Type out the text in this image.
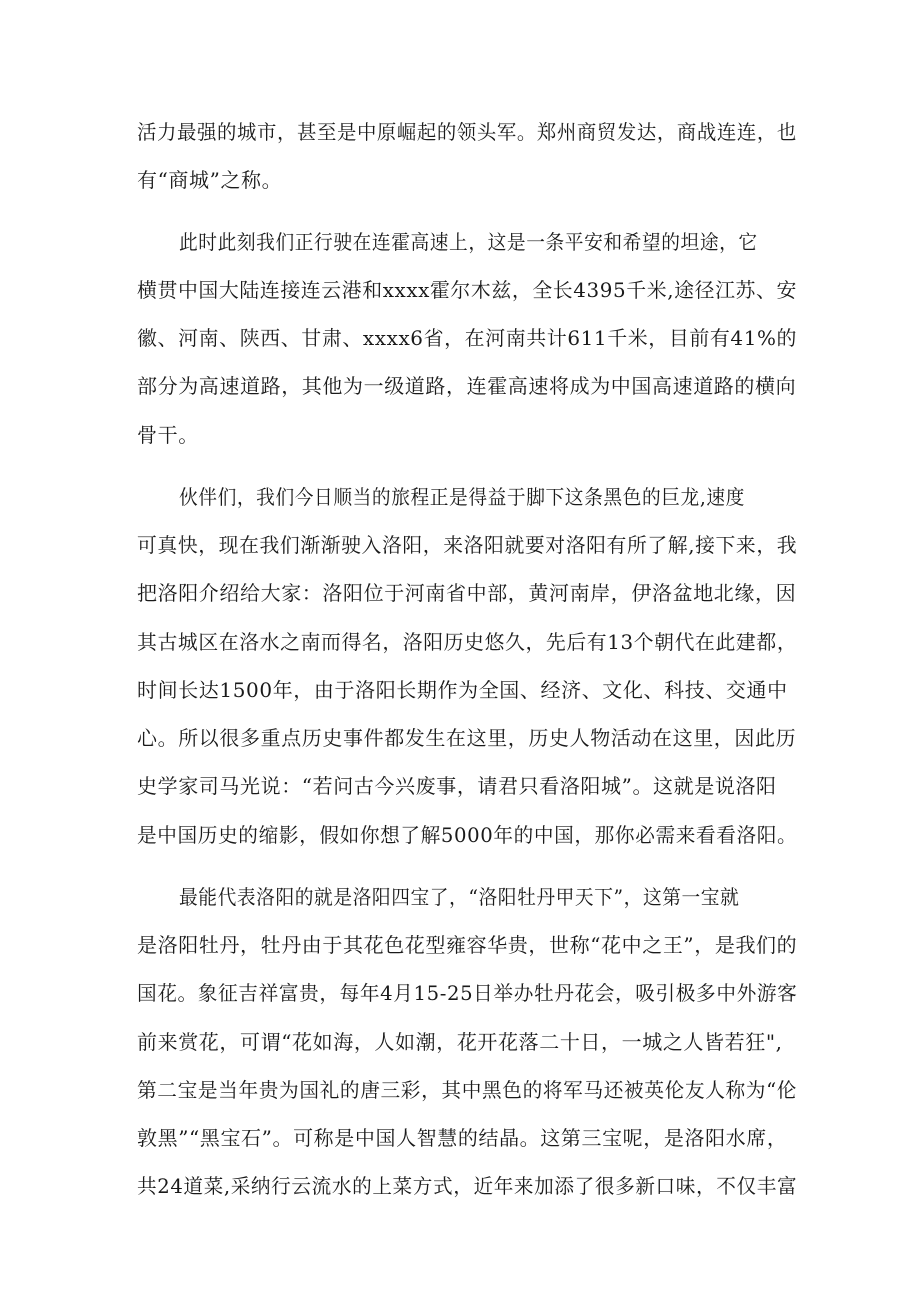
活力最强的城市，甚至是中原崛起的领头军。郑州商贸发达，商战连连，也
有“商城”之称。
此时此刻我们正行驶在连霍高速上，这是一条平安和希望的坦途，它
横贯中国大陆连接连云港和xxxx霍尔木兹，全长4395千米,途径江苏、安
徽、河南、陕西、甘肃、xxxx6省，在河南共计611千米，目前有41%的
部分为高速道路，其他为一级道路，连霍高速将成为中国高速道路的横向
骨干。
伙伴们，我们今日顺当的旅程正是得益于脚下这条黑色的巨龙,速度
可真快，现在我们渐渐驶入洛阳，来洛阳就要对洛阳有所了解,接下来，我
把洛阳介绍给大家：洛阳位于河南省中部，黄河南岸，伊洛盆地北缘，因
其古城区在洛水之南而得名，洛阳历史悠久，先后有13个朝代在此建都，
时间长达1500年，由于洛阳长期作为全国、经济、文化、科技、交通中
心。所以很多重点历史事件都发生在这里，历史人物活动在这里，因此历
史学家司马光说：“若问古今兴废事，请君只看洛阳城”。这就是说洛阳
是中国历史的缩影，假如你想了解5000年的中国，那你必需来看看洛阳。
最能代表洛阳的就是洛阳四宝了，“洛阳牡丹甲天下”，这第一宝就
是洛阳牡丹，牡丹由于其花色花型雍容华贵，世称“花中之王”，是我们的
国花。象征吉祥富贵，每年4月15-25日举办牡丹花会，吸引极多中外游客
前来赏花，可谓“花如海，人如潮，花开花落二十日，一城之人皆若狂",
第二宝是当年贵为国礼的唐三彩，其中黑色的将军马还被英伦友人称为“伦
敦黑”“黑宝石”。可称是中国人智慧的结晶。这第三宝呢，是洛阳水席，
共24道菜,采纳行云流水的上菜方式，近年来加添了很多新口味，不仅丰富
